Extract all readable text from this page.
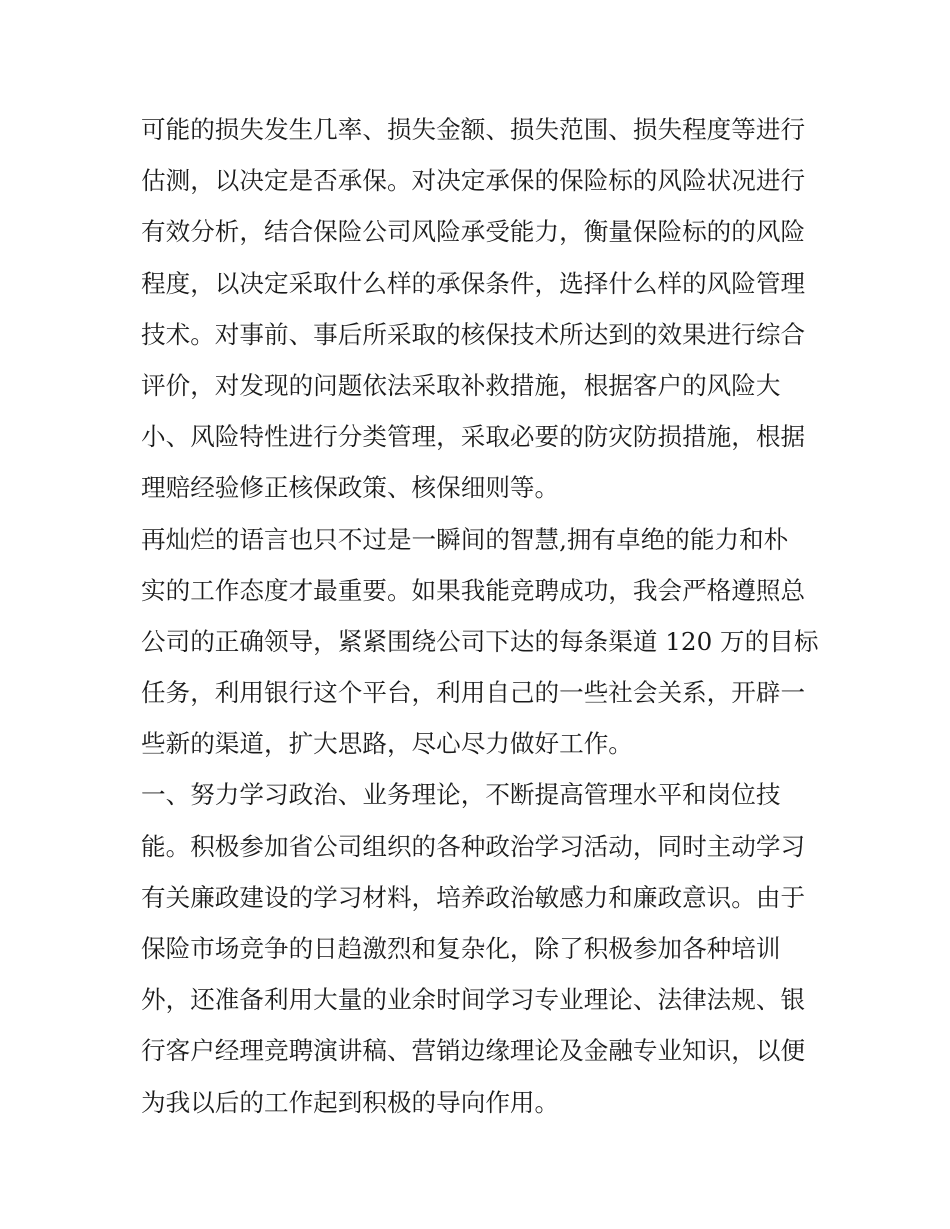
可能的损失发生几率、损失金额、损失范围、损失程度等进行
估测，以决定是否承保。对决定承保的保险标的风险状况进行
有效分析，结合保险公司风险承受能力，衡量保险标的的风险
程度，以决定采取什么样的承保条件，选择什么样的风险管理
技术。对事前、事后所采取的核保技术所达到的效果进行综合
评价，对发现的问题依法采取补救措施，根据客户的风险大
小、风险特性进行分类管理，采取必要的防灾防损措施，根据
理赔经验修正核保政策、核保细则等。
再灿烂的语言也只不过是一瞬间的智慧,拥有卓绝的能力和朴
实的工作态度才最重要。如果我能竞聘成功，我会严格遵照总
公司的正确领导，紧紧围绕公司下达的每条渠道 120 万的目标
任务，利用银行这个平台，利用自己的一些社会关系，开辟一
些新的渠道，扩大思路，尽心尽力做好工作。
一、努力学习政治、业务理论，不断提高管理水平和岗位技
能。积极参加省公司组织的各种政治学习活动，同时主动学习
有关廉政建设的学习材料，培养政治敏感力和廉政意识。由于
保险市场竞争的日趋激烈和复杂化，除了积极参加各种培训
外，还准备利用大量的业余时间学习专业理论、法律法规、银
行客户经理竞聘演讲稿、营销边缘理论及金融专业知识，以便
为我以后的工作起到积极的导向作用。
